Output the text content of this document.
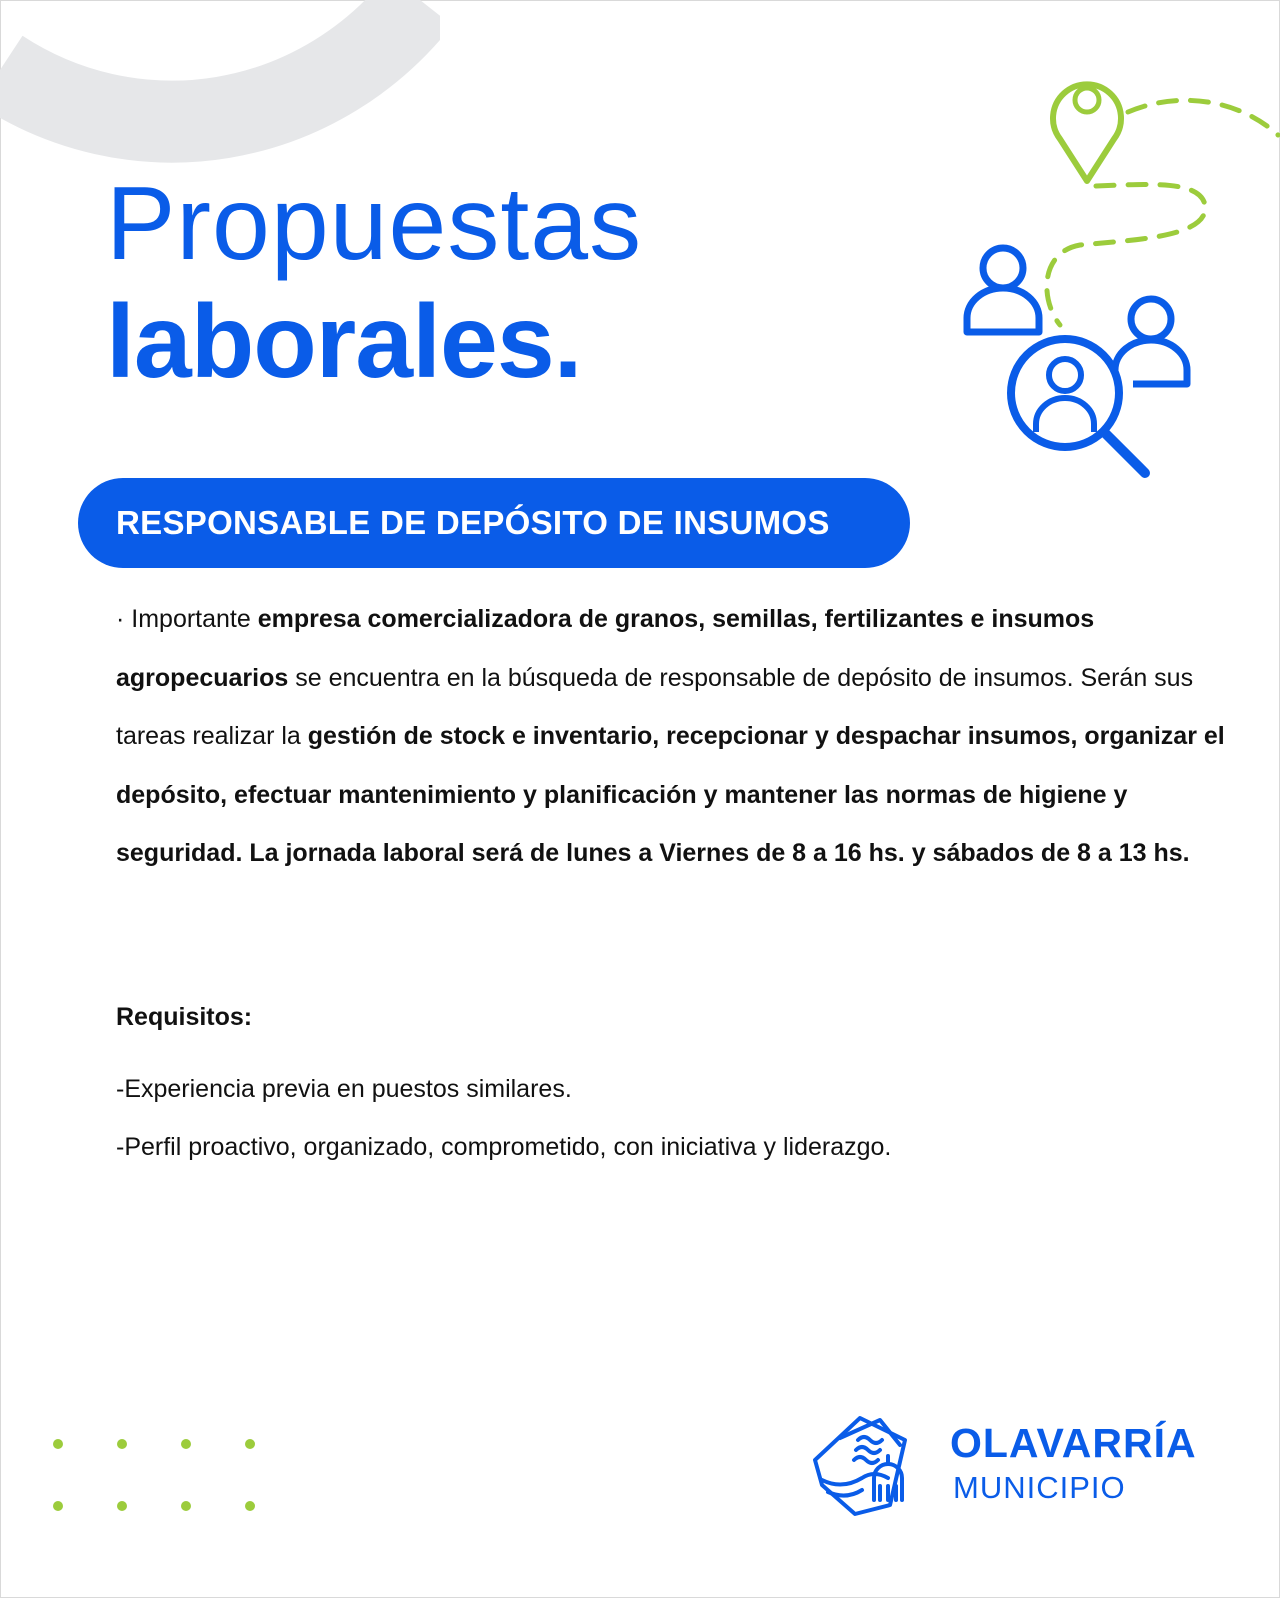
Propuestas
laborales.
RESPONSABLE DE DEPÓSITO DE INSUMOS
· Importante empresa comercializadora de granos, semillas, fertilizantes e insumos agropecuarios se encuentra en la búsqueda de responsable de depósito de insumos. Serán sus tareas realizar la gestión de stock e inventario, recepcionar y despachar insumos, organizar el depósito, efectuar mantenimiento y planificación y mantener las normas de higiene y seguridad. La jornada laboral será de lunes a Viernes de 8 a 16 hs. y sábados de 8 a 13 hs.
Requisitos:
-Experiencia previa en puestos similares.
-Perfil proactivo, organizado, comprometido, con iniciativa y liderazgo.
OLAVARRÍA
MUNICIPIO
